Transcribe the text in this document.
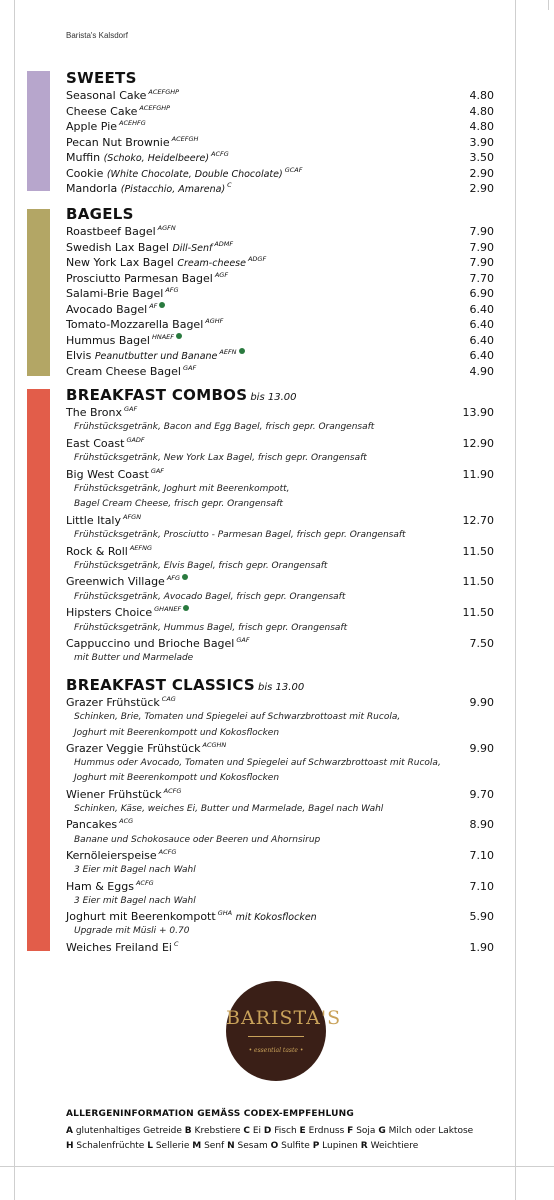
Barista's Kalsdorf
SWEETS
Seasonal Cake $^{ACEFGHP}$	4.80
Cheese Cake $^{ACEFGHP}$	4.80
Apple Pie $^{ACEHFG}$	4.80
Pecan Nut Brownie $^{ACEFGH}$	3.90
Muffin (Schoko, Heidelbeere) $^{ACFG}$	3.50
Cookie (White Chocolate, Double Chocolate) $^{GCAF}$	2.90
Mandorla (Pistacchio, Amarena) $^C$	2.90
BAGELS
Roastbeef Bagel $^{AGFN}$	7.90
Swedish Lax Bagel Dill-Senf $^{ADMF}$	7.90
New York Lax Bagel Cream-cheese $^{ADGF}$	7.90
Prosciutto Parmesan Bagel $^{AGF}$	7.70
Salami-Brie Bagel $^{AFG}$	6.90
Avocado Bagel $^{AF}$	6.40
Tomato-Mozzarella Bagel $^{AGHF}$	6.40
Hummus Bagel $^{HNAEF}$	6.40
Elvis Peanutbutter und Banane $^{AEFN}$	6.40
Cream Cheese Bagel $^{GAF}$	4.90
BREAKFAST COMBOS bis 13.00
The Bronx $^{GAF}$	13.90
Frühstücksgetränk, Bacon and Egg Bagel, frisch gepr. Orangensaft
East Coast $^{GADF}$	12.90
Frühstücksgetränk, New York Lax Bagel, frisch gepr. Orangensaft
Big West Coast $^{GAF}$	11.90
Frühstücksgetränk, Joghurt mit Beerenkompott,
Bagel Cream Cheese, frisch gepr. Orangensaft
Little Italy $^{AFGN}$	12.70
Frühstücksgetränk, Prosciutto - Parmesan Bagel, frisch gepr. Orangensaft
Rock & Roll $^{AEFNG}$	11.50
Frühstücksgetränk, Elvis Bagel, frisch gepr. Orangensaft
Greenwich Village $^{AFG}$	11.50
Frühstücksgetränk, Avocado Bagel, frisch gepr. Orangensaft
Hipsters Choice $^{GHANEF}$	11.50
Frühstücksgetränk, Hummus Bagel, frisch gepr. Orangensaft
Cappuccino und Brioche Bagel $^{GAF}$	7.50
mit Butter und Marmelade
BREAKFAST CLASSICS bis 13.00
Grazer Frühstück $^{CAG}$	9.90
Schinken, Brie, Tomaten und Spiegelei auf Schwarzbrottoast mit Rucola,
Joghurt mit Beerenkompott und Kokosflocken
Grazer Veggie Frühstück $^{ACGHN}$	9.90
Hummus oder Avocado, Tomaten und Spiegelei auf Schwarzbrottoast mit Rucola,
Joghurt mit Beerenkompott und Kokosflocken
Wiener Frühstück $^{ACFG}$	9.70
Schinken, Käse, weiches Ei, Butter und Marmelade, Bagel nach Wahl
Pancakes $^{ACG}$	8.90
Banane und Schokosauce oder Beeren und Ahornsirup
Kernöleierspeise $^{ACFG}$	7.10
3 Eier mit Bagel nach Wahl
Ham & Eggs $^{ACFG}$	7.10
3 Eier mit Bagel nach Wahl
Joghurt mit Beerenkompott $^{GHA}$ mit Kokosflocken	5.90
Upgrade mit Müsli + 0.70
Weiches Freiland Ei $^C$	1.90
BARISTA'S
• essential taste •
ALLERGENINFORMATION GEMÄSS CODEX-EMPFEHLUNG
A glutenhaltiges Getreide B Krebstiere C Ei D Fisch E Erdnuss F Soja G Milch oder Laktose
H Schalenfrüchte L Sellerie M Senf N Sesam O Sulfite P Lupinen R Weichtiere
